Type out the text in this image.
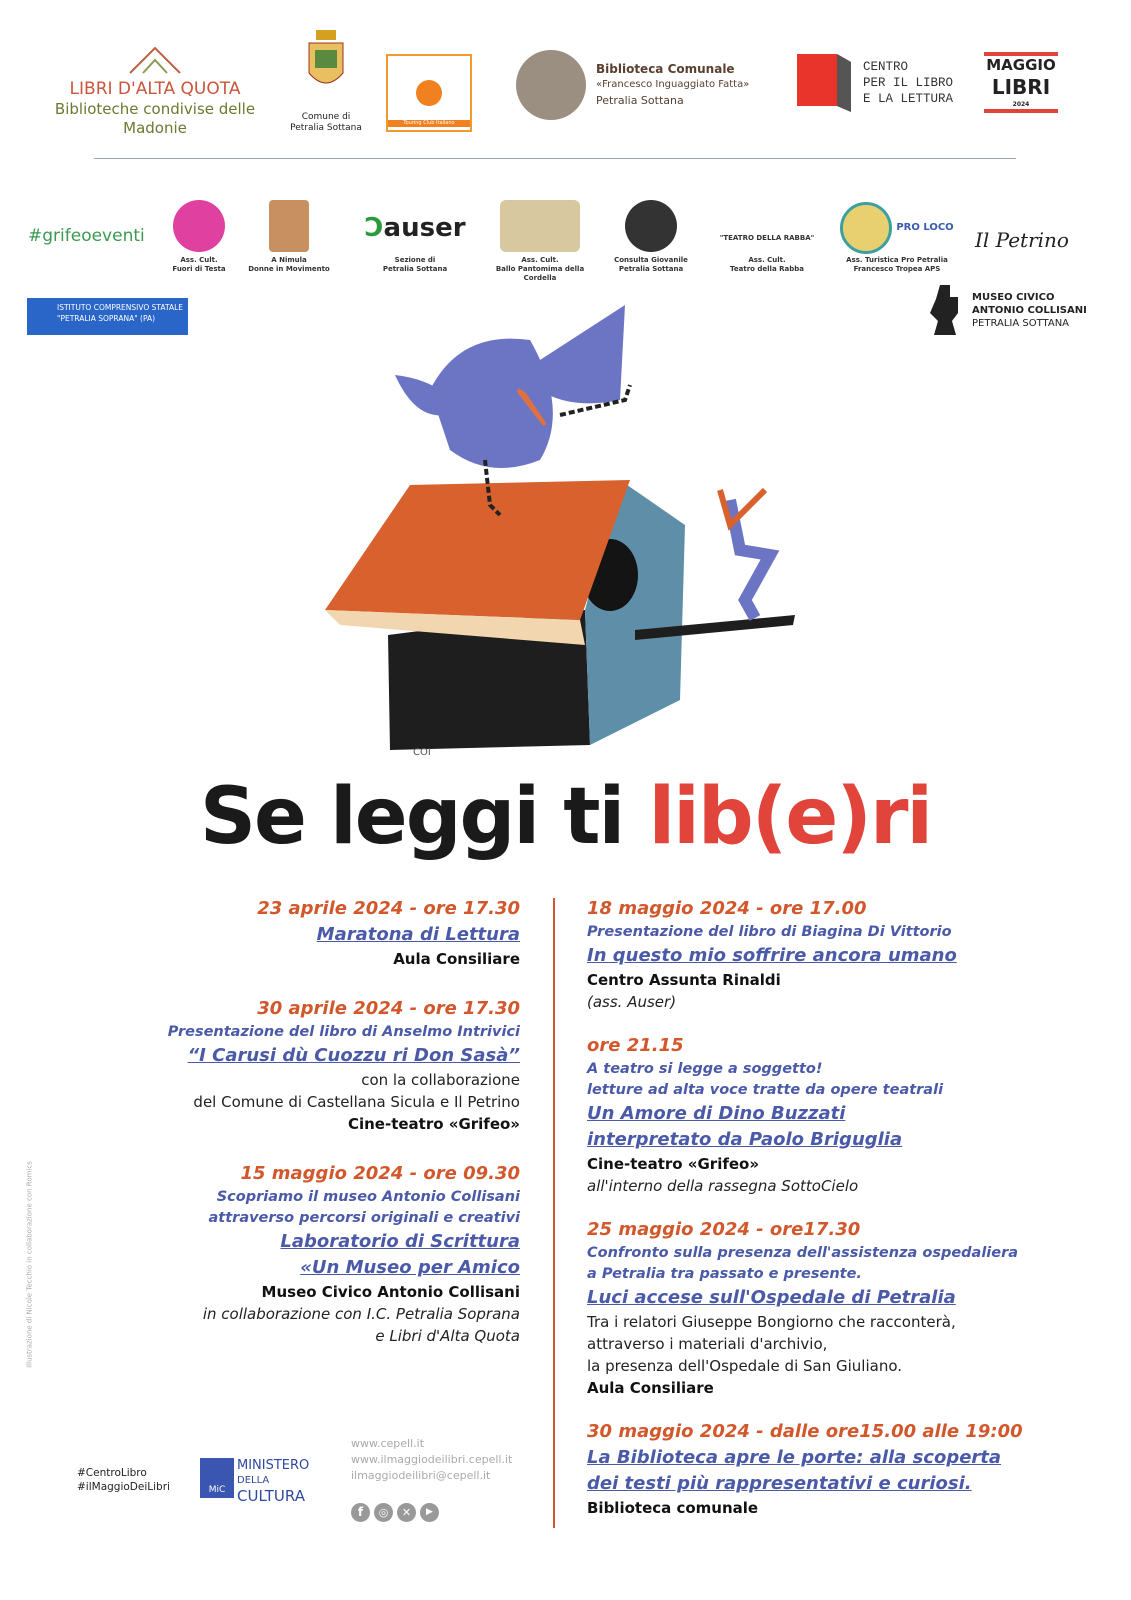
LIBRI D'ALTA QUOTA
Biblioteche condivise delle Madonie
Comune di Petralia Sottana	Touring Club Italiano
Biblioteca Comunale
«Francesco Inguaggiato Fatta»
Petralia Sottana
CENTRO
PER IL LIBRO
E LA LETTURA
MAGGIO
LIBRI
2024
#grifeoeventi
Ass. Cult.
Fuori di Testa
A Nimula
Donne in Movimento
Ↄauser
Sezione di
Petralia Sottana
Ass. Cult.
Ballo Pantomima della Cordella
Consulta Giovanile
Petralia Sottana
"TEATRO DELLA RABBA"
Ass. Cult.
Teatro della Rabba
PRO LOCO
Ass. Turistica Pro Petralia
Francesco Tropea APS
Il Petrino
ISTITUTO COMPRENSIVO STATALE
"PETRALIA SOPRANA" (PA)
MUSEO CIVICO
ANTONIO COLLISANI
PETRALIA SOTTANA
COI
Se leggi ti lib(e)ri
Illustrazione di Nicole Tecchio in collaborazione con Romics
23 aprile 2024 - ore 17.30
Maratona di Lettura
Aula Consiliare
30 aprile 2024 - ore 17.30
Presentazione del libro di Anselmo Intrivici
“I Carusi dù Cuozzu ri Don Sasà”
con la collaborazione
del Comune di Castellana Sicula e Il Petrino
Cine-teatro «Grifeo»
15 maggio 2024 - ore 09.30
Scopriamo il museo Antonio Collisani
attraverso percorsi originali e creativi
Laboratorio di Scrittura
«Un Museo per Amico
Museo Civico Antonio Collisani
in collaborazione con I.C. Petralia Soprana
e Libri d'Alta Quota
18 maggio 2024 - ore 17.00
Presentazione del libro di Biagina Di Vittorio
In questo mio soffrire ancora umano
Centro Assunta Rinaldi
(ass. Auser)
ore 21.15
A teatro si legge a soggetto!
letture ad alta voce tratte da opere teatrali
Un Amore di Dino Buzzati
interpretato da Paolo Briguglia
Cine-teatro «Grifeo»
all'interno della rassegna SottoCielo
25 maggio 2024 - ore17.30
Confronto sulla presenza dell'assistenza ospedaliera
a Petralia tra passato e presente.
Luci accese sull'Ospedale di Petralia
Tra i relatori Giuseppe Bongiorno che racconterà,
attraverso i materiali d'archivio,
la presenza dell'Ospedale di San Giuliano.
Aula Consiliare
30 maggio 2024 - dalle ore15.00 alle 19:00
La Biblioteca apre le porte: alla scoperta
dei testi più rappresentativi e curiosi.
Biblioteca comunale
#CentroLibro
#ilMaggioDeiLibri	MiC
MINISTERO
DELLA
CULTURA
www.cepell.it
www.ilmaggiodeilibri.cepell.it
ilmaggiodeilibri@cepell.it
f	◎	✕	▶
